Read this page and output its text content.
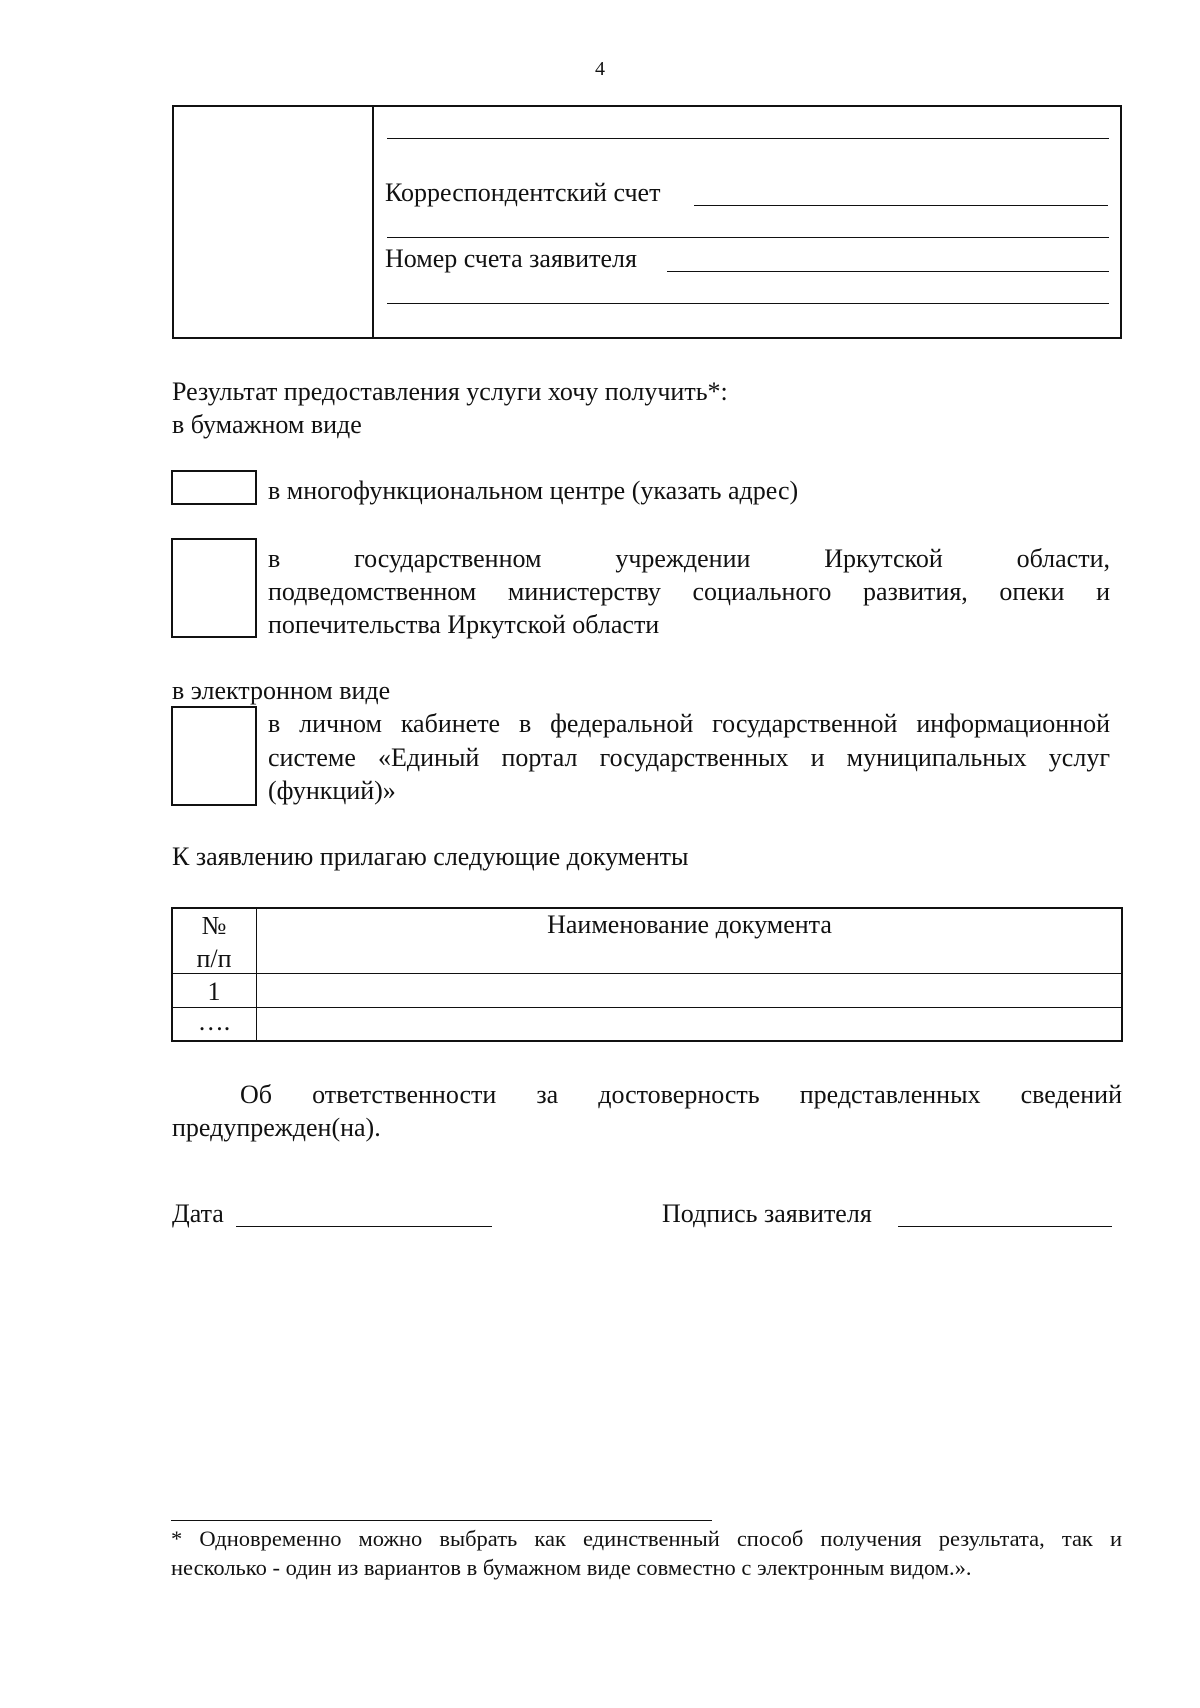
4
Корреспондентский счет
Номер счета заявителя
Результат предоставления услуги хочу получить*:
в бумажном виде
в многофункциональном центре (указать адрес)
в государственном учреждении Иркутской области,
подведомственном министерству социального развития, опеки и
попечительства Иркутской области
в электронном виде
в личном кабинете в федеральной государственной информационной
системе «Единый портал государственных и муниципальных услуг
(функций)»
К заявлению прилагаю следующие документы
№
п/п
Наименование документа
1
….
Об ответственности за достоверность представленных сведений
предупрежден(на).
Дата	Подпись заявителя
* Одновременно можно выбрать как единственный способ получения результата, так и
несколько - один из вариантов в бумажном виде совместно с электронным видом.».
